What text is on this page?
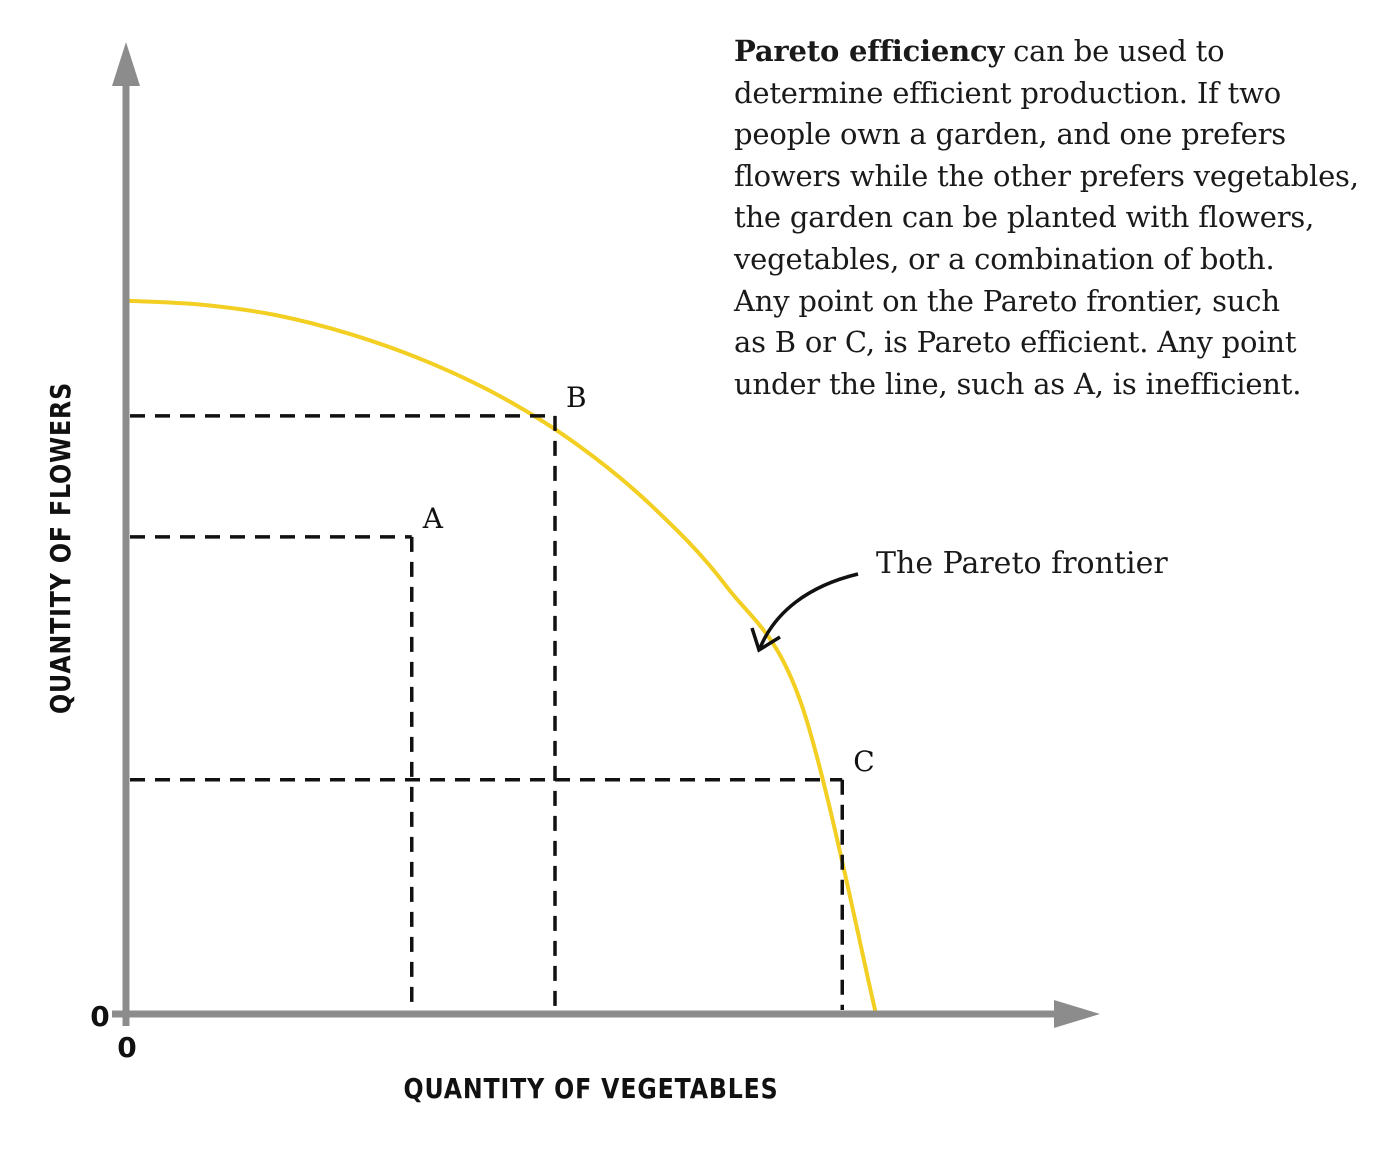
0
0
QUANTITY OF VEGETABLES
QUANTITY OF FLOWERS	The Pareto frontier
A
B
C
Pareto efficiency can be used to
determine efficient production. If two
people own a garden, and one prefers
flowers while the other prefers vegetables,
the garden can be planted with flowers,
vegetables, or a combination of both.
Any point on the Pareto frontier, such
as B or C, is Pareto efficient. Any point
under the line, such as A, is inefficient.
